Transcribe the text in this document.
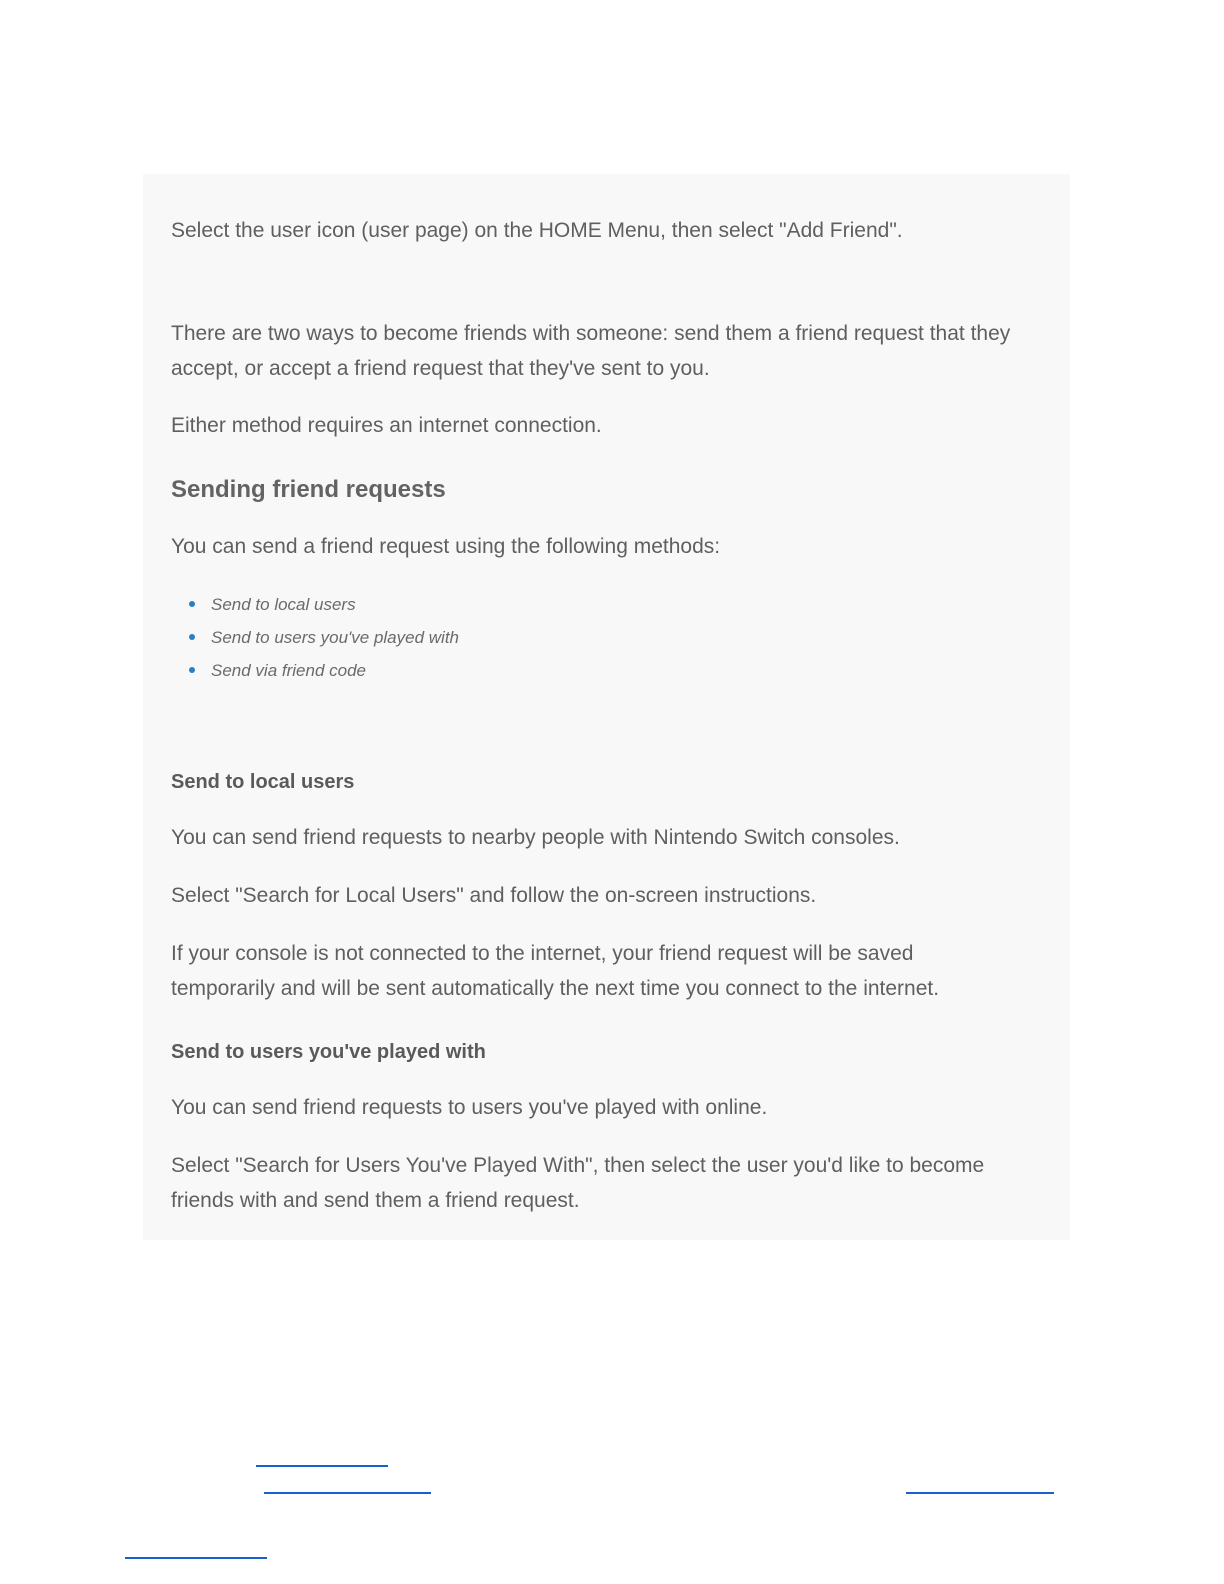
Select the user icon (user page) on the HOME Menu, then select "Add Friend".

There are two ways to become friends with someone: send them a friend request that they accept, or accept a friend request that they've sent to you.

Either method requires an internet connection.

Sending friend requests

You can send a friend request using the following methods:

Send to local users
Send to users you've played with
Send via friend code
Send to local users

You can send friend requests to nearby people with Nintendo Switch consoles.

Select "Search for Local Users" and follow the on-screen instructions.

If your console is not connected to the internet, your friend request will be saved temporarily and will be sent automatically the next time you connect to the internet.

Send to users you've played with

You can send friend requests to users you've played with online.

Select "Search for Users You've Played With", then select the user you'd like to become friends with and send them a friend request.
